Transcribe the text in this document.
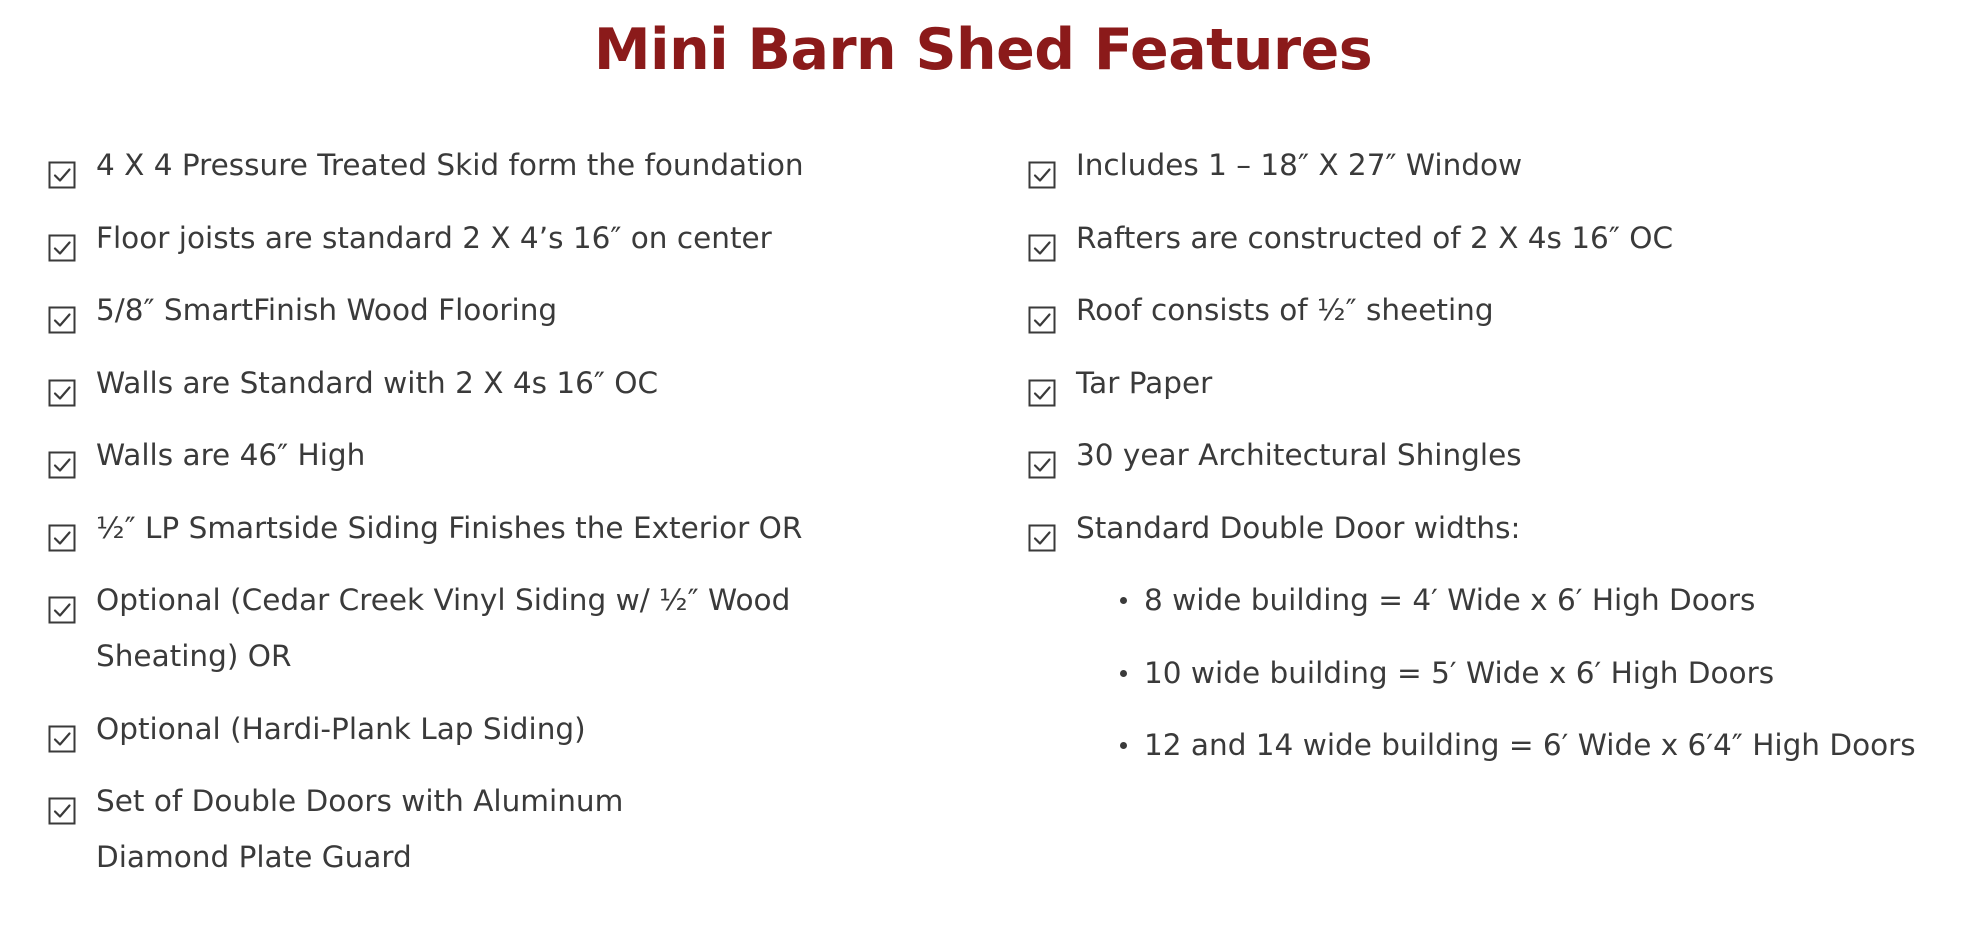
Mini Barn Shed Features
4 X 4 Pressure Treated Skid form the foundation
Floor joists are standard 2 X 4’s 16″ on center
5/8″ SmartFinish Wood Flooring
Walls are Standard with 2 X 4s 16″ OC
Walls are 46″ High
½″ LP Smartside Siding Finishes the Exterior OR
Optional (Cedar Creek Vinyl Siding w/ ½″ Wood Sheating) OR
Optional (Hardi-Plank Lap Siding)
Set of Double Doors with Aluminum Diamond Plate Guard
Includes 1 – 18″ X 27″ Window
Rafters are constructed of 2 X 4s 16″ OC
Roof consists of ½″ sheeting
Tar Paper
30 year Architectural Shingles
Standard Double Door widths:
8 wide building = 4′ Wide x 6′ High Doors
10 wide building = 5′ Wide x 6′ High Doors
12 and 14 wide building = 6′ Wide x 6′4″ High Doors
